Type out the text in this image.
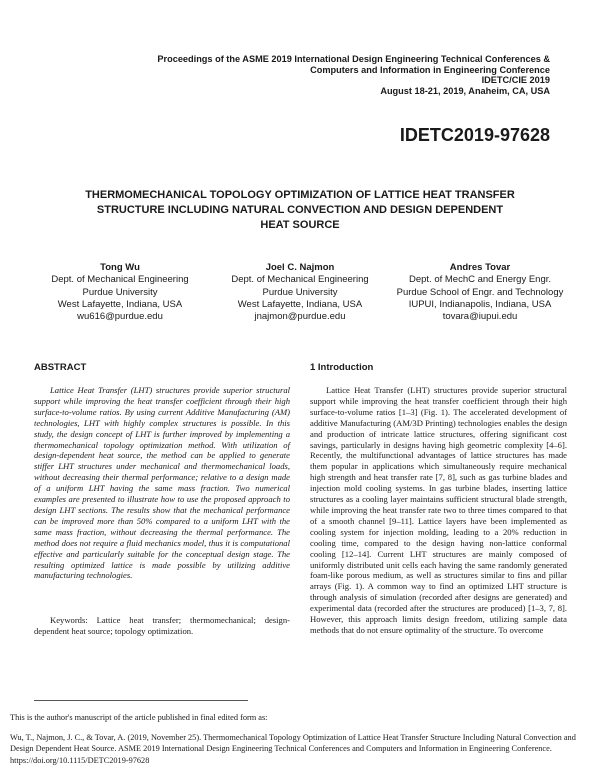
Proceedings of the ASME 2019 International Design Engineering Technical Conferences &
Computers and Information in Engineering Conference
IDETC/CIE 2019
August 18-21, 2019, Anaheim, CA, USA
IDETC2019-97628
THERMOMECHANICAL TOPOLOGY OPTIMIZATION OF LATTICE HEAT TRANSFER
STRUCTURE INCLUDING NATURAL CONVECTION AND DESIGN DEPENDENT
HEAT SOURCE
Tong Wu
Dept. of Mechanical Engineering
Purdue University
West Lafayette, Indiana, USA
wu616@purdue.edu
Joel C. Najmon
Dept. of Mechanical Engineering
Purdue University
West Lafayette, Indiana, USA
jnajmon@purdue.edu
Andres Tovar
Dept. of MechC and Energy Engr.
Purdue School of Engr. and Technology
IUPUI, Indianapolis, Indiana, USA
tovara@iupui.edu
ABSTRACT

Lattice Heat Transfer (LHT) structures provide superior structural support while improving the heat transfer coefficient through their high surface-to-volume ratios. By using current Additive Manufacturing (AM) technologies, LHT with highly complex structures is possible. In this study, the design concept of LHT is further improved by implementing a thermomechanical topology optimization method. With utilization of design-dependent heat source, the method can be applied to generate stiffer LHT structures under mechanical and thermomechanical loads, without decreasing their thermal performance; relative to a design made of a uniform LHT having the same mass fraction. Two numerical examples are presented to illustrate how to use the proposed approach to design LHT sections. The results show that the mechanical performance can be improved more than 50% compared to a uniform LHT with the same mass fraction, without decreasing the thermal performance. The method does not require a fluid mechanics model, thus it is computational effective and particularly suitable for the conceptual design stage. The resulting optimized lattice is made possible by utilizing additive manufacturing technologies.

Keywords: Lattice heat transfer; thermomechanical; design-dependent heat source; topology optimization.

1 Introduction

Lattice Heat Transfer (LHT) structures provide superior structural support while improving the heat transfer coefficient through their high surface-to-volume ratios [1–3] (Fig. 1). The accelerated development of additive Manufacturing (AM/3D Printing) technologies enables the design and production of intricate lattice structures, offering significant cost savings, particularly in designs having high geometric complexity [4–6]. Recently, the multifunctional advantages of lattice structures has made them popular in applications which simultaneously require mechanical high strength and heat transfer rate [7, 8], such as gas turbine blades and injection mold cooling systems. In gas turbine blades, inserting lattice structures as a cooling layer maintains sufficient structural blade strength, while improving the heat transfer rate two to three times compared to that of a smooth channel [9–11]. Lattice layers have been implemented as cooling system for injection molding, leading to a 20% reduction in cooling time, compared to the design having non-lattice conformal cooling [12–14]. Current LHT structures are mainly composed of uniformly distributed unit cells each having the same randomly generated foam-like porous medium, as well as structures similar to fins and pillar arrays (Fig. 1). A common way to find an optimized LHT structure is through analysis of simulation (recorded after designs are generated) and experimental data (recorded after the structures are produced) [1–3, 7, 8]. However, this approach limits design freedom, utilizing sample data methods that do not ensure optimality of the structure. To overcome

This is the author's manuscript of the article published in final edited form as:

Wu, T., Najmon, J. C., & Tovar, A. (2019, November 25). Thermomechanical Topology Optimization of Lattice Heat Transfer Structure Including Natural Convection and Design Dependent Heat Source. ASME 2019 International Design Engineering Technical Conferences and Computers and Information in Engineering Conference. https://doi.org/10.1115/DETC2019-97628
